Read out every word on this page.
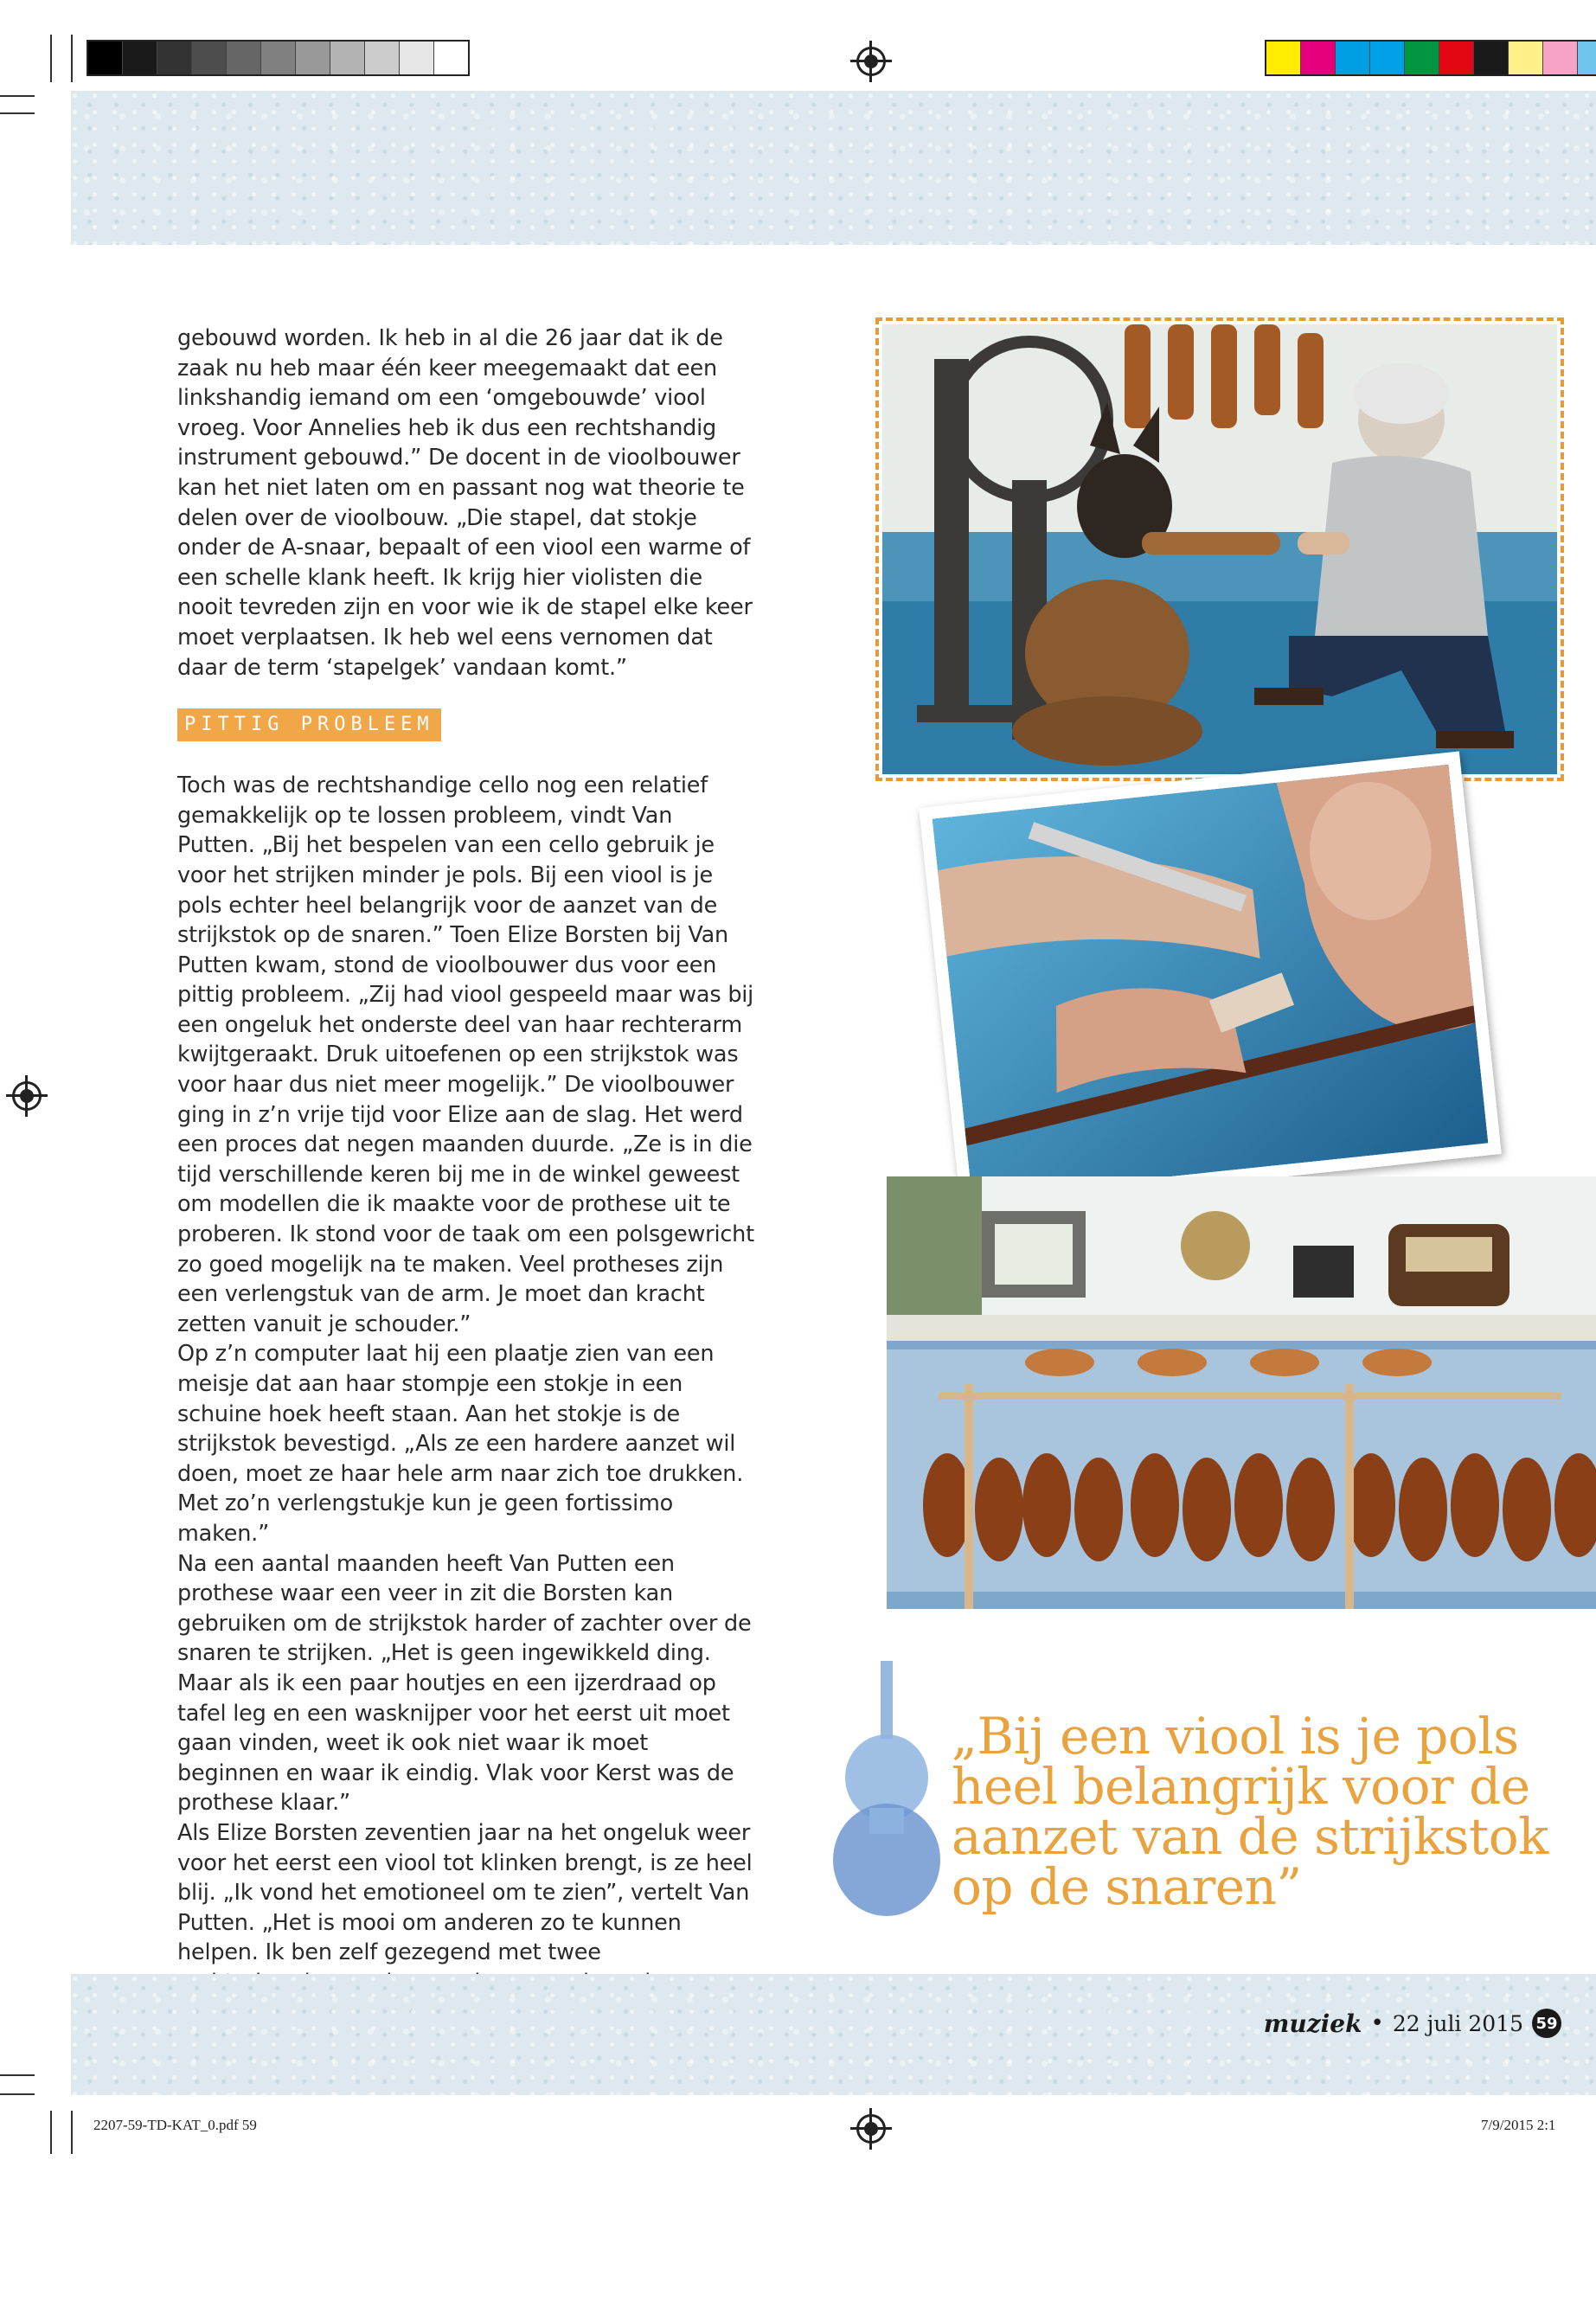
gebouwd worden. Ik heb in al die 26 jaar dat ik de zaak nu heb maar één keer meegemaakt dat een linkshandig iemand om een ‘omgebouwde’ viool vroeg. Voor Annelies heb ik dus een rechtshandig instrument gebouwd.” De docent in de vioolbouwer kan het niet laten om en passant nog wat theorie te delen over de vioolbouw. „Die stapel, dat stokje onder de A-snaar, bepaalt of een viool een warme of een schelle klank heeft. Ik krijg hier violisten die nooit tevreden zijn en voor wie ik de stapel elke keer moet verplaatsen. Ik heb wel eens vernomen dat daar de term ‘stapelgek’ vandaan komt.”

PITTIG PROBLEEM

Toch was de rechtshandige cello nog een relatief gemakkelijk op te lossen probleem, vindt Van Putten. „Bij het bespelen van een cello gebruik je voor het strijken minder je pols. Bij een viool is je pols echter heel belangrijk voor de aanzet van de strijkstok op de snaren.” Toen Elize Borsten bij Van Putten kwam, stond de vioolbouwer dus voor een pittig probleem. „Zij had viool gespeeld maar was bij een ongeluk het onderste deel van haar rechterarm kwijtgeraakt. Druk uitoefenen op een strijkstok was voor haar dus niet meer mogelijk.” De vioolbouwer ging in z’n vrije tijd voor Elize aan de slag. Het werd een proces dat negen maanden duurde. „Ze is in die tijd verschillende keren bij me in de winkel geweest om modellen die ik maakte voor de prothese uit te proberen. Ik stond voor de taak om een polsgewricht zo goed mogelijk na te maken. Veel protheses zijn een verlengstuk van de arm. Je moet dan kracht zetten vanuit je schouder.”

Op z’n computer laat hij een plaatje zien van een meisje dat aan haar stompje een stokje in een schuine hoek heeft staan. Aan het stokje is de strijkstok bevestigd. „Als ze een hardere aanzet wil doen, moet ze haar hele arm naar zich toe drukken. Met zo’n verlengstukje kun je geen fortissimo maken.”

Na een aantal maanden heeft Van Putten een prothese waar een veer in zit die Borsten kan gebruiken om de strijkstok harder of zachter over de snaren te strijken. „Het is geen ingewikkeld ding. Maar als ik een paar houtjes en een ijzerdraad op tafel leg en een wasknijper voor het eerst uit moet gaan vinden, weet ik ook niet waar ik moet beginnen en waar ik eindig. Vlak voor Kerst was de prothese klaar.”

Als Elize Borsten zeventien jaar na het ongeluk weer voor het eerst een viool tot klinken brengt, is ze heel blij. „Ik vond het emotioneel om te zien”, vertelt Van Putten. „Het is mooi om anderen zo te kunnen helpen. Ik ben zelf gezegend met twee

„Bij een viool is je pols heel belangrijk voor de aanzet van de strijkstok op de snaren”
muziek • 22 juli 2015 59
2207-59-TD-KAT_0.pdf 59	7/9/2015 2:1
